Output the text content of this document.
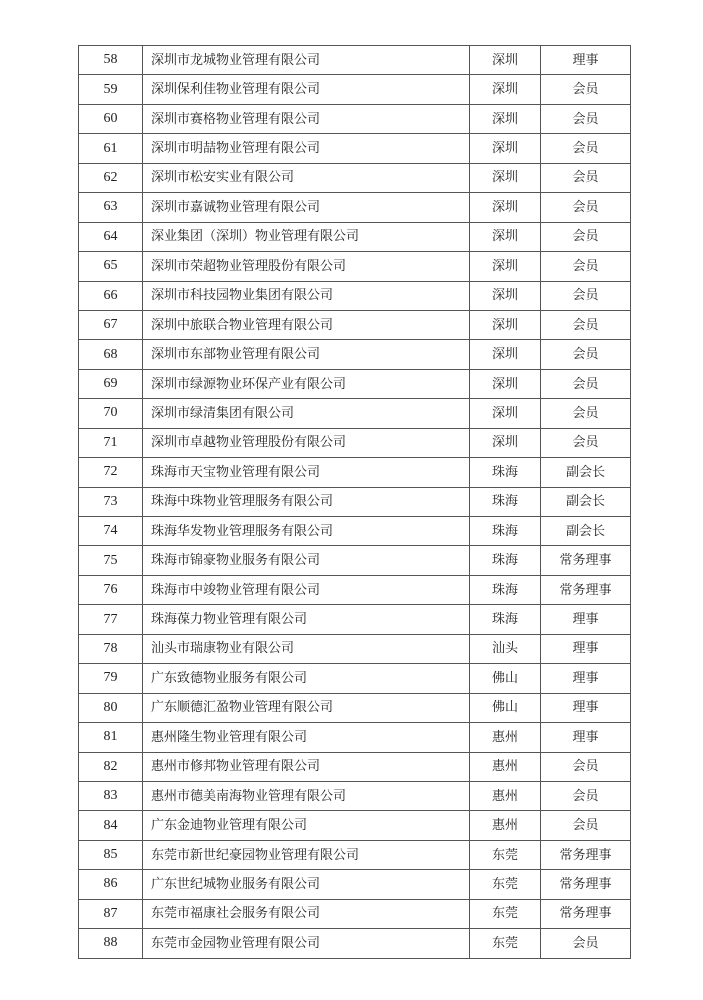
58	深圳市龙城物业管理有限公司	深圳	理事
59	深圳保利佳物业管理有限公司	深圳	会员
60	深圳市赛格物业管理有限公司	深圳	会员
61	深圳市明喆物业管理有限公司	深圳	会员
62	深圳市松安实业有限公司	深圳	会员
63	深圳市嘉诚物业管理有限公司	深圳	会员
64	深业集团（深圳）物业管理有限公司	深圳	会员
65	深圳市荣超物业管理股份有限公司	深圳	会员
66	深圳市科技园物业集团有限公司	深圳	会员
67	深圳中旅联合物业管理有限公司	深圳	会员
68	深圳市东部物业管理有限公司	深圳	会员
69	深圳市绿源物业环保产业有限公司	深圳	会员
70	深圳市绿清集团有限公司	深圳	会员
71	深圳市卓越物业管理股份有限公司	深圳	会员
72	珠海市天宝物业管理有限公司	珠海	副会长
73	珠海中珠物业管理服务有限公司	珠海	副会长
74	珠海华发物业管理服务有限公司	珠海	副会长
75	珠海市锦豪物业服务有限公司	珠海	常务理事
76	珠海市中竣物业管理有限公司	珠海	常务理事
77	珠海葆力物业管理有限公司	珠海	理事
78	汕头市瑞康物业有限公司	汕头	理事
79	广东致德物业服务有限公司	佛山	理事
80	广东顺德汇盈物业管理有限公司	佛山	理事
81	惠州隆生物业管理有限公司	惠州	理事
82	惠州市修邦物业管理有限公司	惠州	会员
83	惠州市德美南海物业管理有限公司	惠州	会员
84	广东金迪物业管理有限公司	惠州	会员
85	东莞市新世纪豪园物业管理有限公司	东莞	常务理事
86	广东世纪城物业服务有限公司	东莞	常务理事
87	东莞市福康社会服务有限公司	东莞	常务理事
88	东莞市金园物业管理有限公司	东莞	会员
